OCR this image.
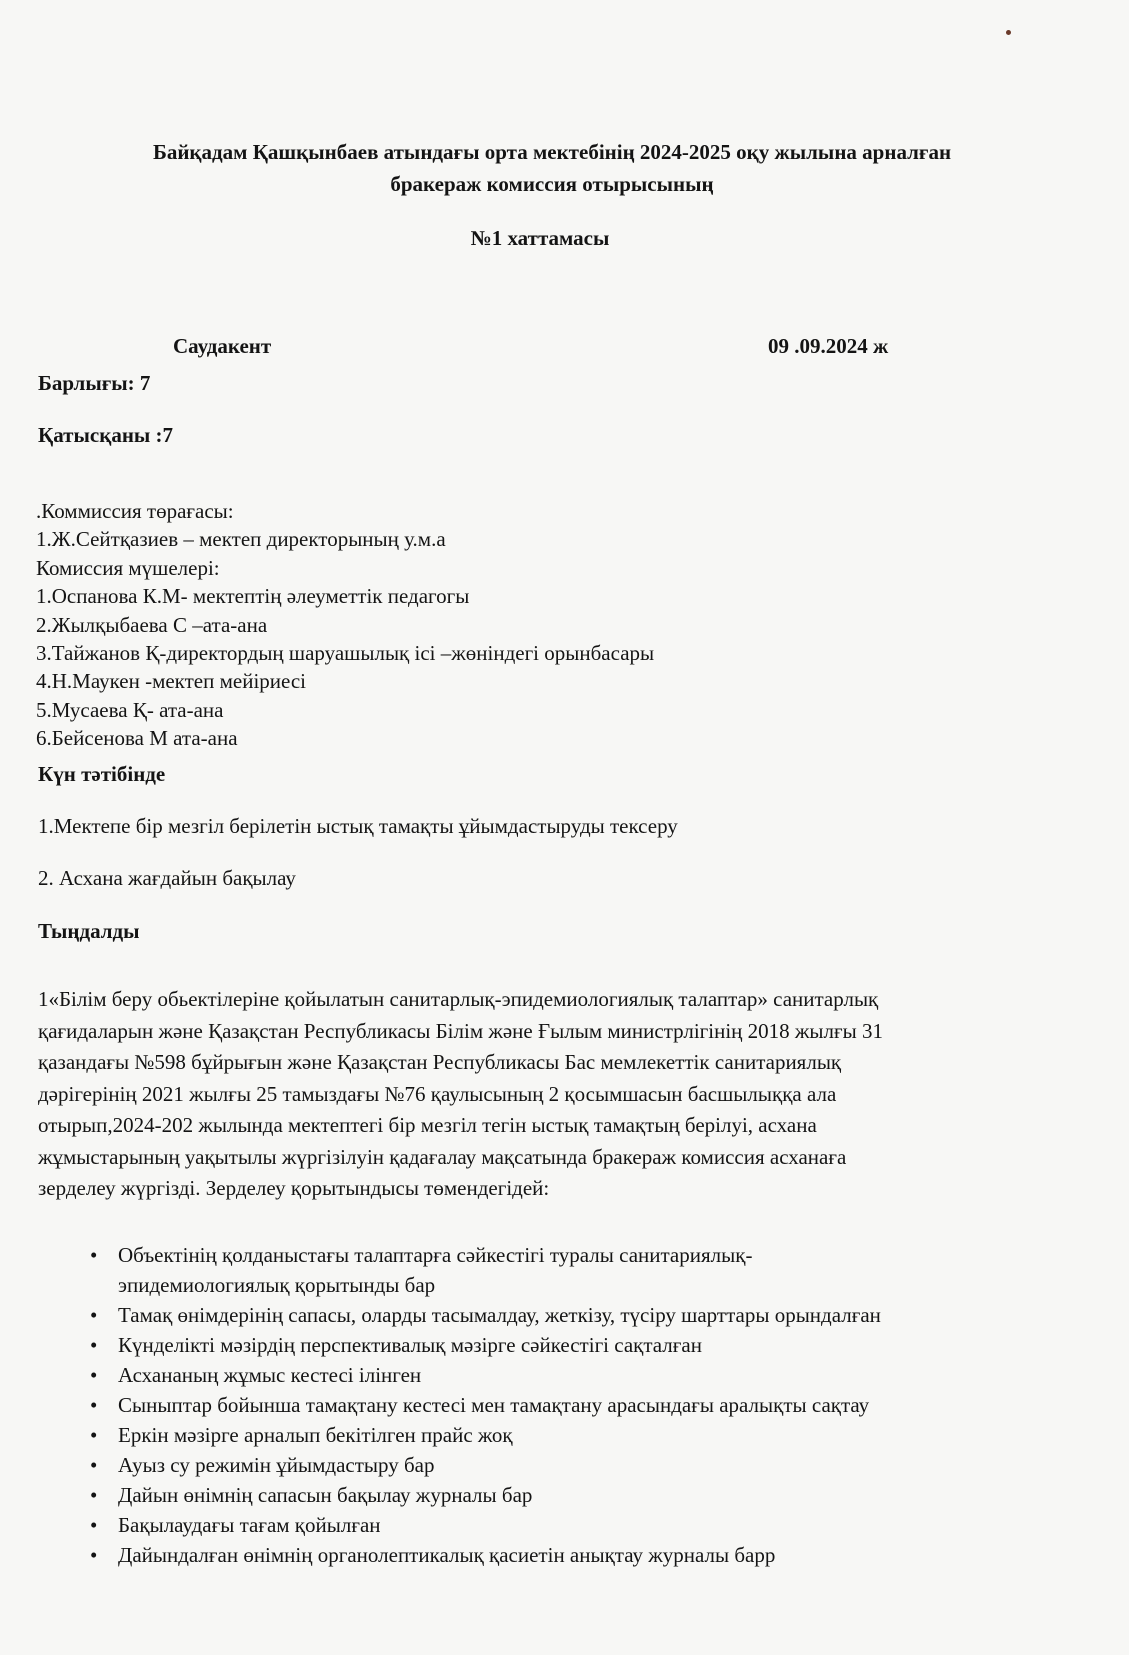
Байқадам Қашқынбаев атындағы орта мектебінің 2024-2025 оқу жылына арналған
бракераж комиссия отырысының
№1 хаттамасы
Саудакент	09 .09.2024 ж
Барлығы: 7
Қатысқаны :7
.Коммиссия төрағасы:
1.Ж.Сейтқазиев – мектеп директорының у.м.а
Комиссия мүшелері:
1.Оспанова К.М- мектептің әлеуметтік педагогы
2.Жылқыбаева С –ата-ана
3.Тайжанов Қ-директордың шаруашылық ісі –жөніндегі орынбасары
4.Н.Маукен -мектеп мейіриесі
5.Мусаева Қ- ата-ана
6.Бейсенова М ата-ана
Күн тәтібінде
1.Мектепе бір мезгіл берілетін ыстық тамақты ұйымдастыруды тексеру
2. Асхана жағдайын бақылау
Тыңдалды
1«Білім беру обьектілеріне қойылатын санитарлық-эпидемиологиялық талаптар» санитарлық
қағидаларын және Қазақстан Республикасы Білім және Ғылым министрлігінің 2018 жылғы 31
қазандағы №598 бұйрығын және Қазақстан Республикасы Бас мемлекеттік санитариялық
дәрігерінің 2021 жылғы 25 тамыздағы №76 қаулысының 2 қосымшасын басшылыққа ала
отырып,2024-202 жылында мектептегі бір мезгіл тегін ыстық тамақтың берілуі, асхана
жұмыстарының уақытылы жүргізілуін қадағалау мақсатында бракераж комиссия асханаға
зерделеу жүргізді. Зерделеу қорытындысы төмендегідей:
• Объектінің қолданыстағы талаптарға сәйкестігі туралы санитариялық-
эпидемиологиялық қорытынды бар
• Тамақ өнімдерінің сапасы, оларды тасымалдау, жеткізу, түсіру шарттары орындалған
• Күнделікті мәзірдің перспективалық мәзірге сәйкестігі сақталған
• Асхананың жұмыс кестесі ілінген
• Сыныптар бойынша тамақтану кестесі мен тамақтану арасындағы аралықты сақтау
• Еркін мәзірге арналып бекітілген прайс жоқ
• Ауыз су режимін ұйымдастыру бар
• Дайын өнімнің сапасын бақылау журналы бар
• Бақылаудағы тағам қойылған
• Дайындалған өнімнің органолептикалық қасиетін анықтау журналы барр
